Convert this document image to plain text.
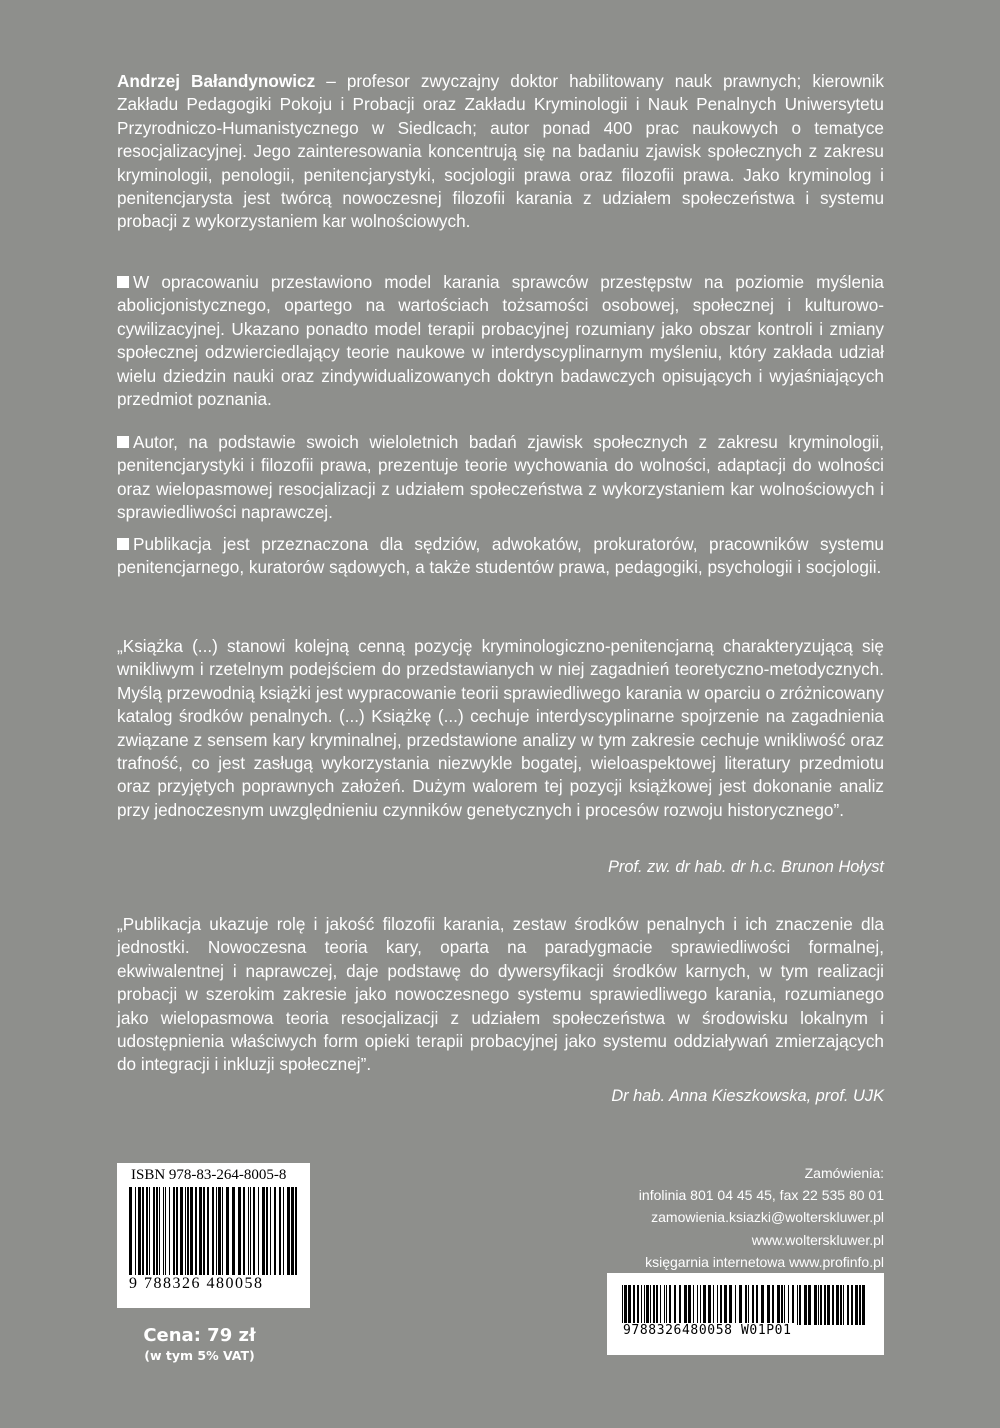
Andrzej Bałandynowicz – profesor zwyczajny doktor habilitowany nauk prawnych; kierownik Zakładu Pedagogiki Pokoju i Probacji oraz Zakładu Kryminologii i Nauk Penalnych Uniwersytetu Przyrodniczo-Humanistycznego w Siedlcach; autor ponad 400 prac naukowych o tematyce resocjalizacyjnej. Jego zainteresowania koncentrują się na badaniu zjawisk społecznych z zakresu kryminologii, penologii, penitencjarystyki, socjologii prawa oraz filozofii prawa. Jako kryminolog i penitencjarysta jest twórcą nowoczesnej filozofii karania z udziałem społeczeństwa i systemu probacji z wykorzystaniem kar wolnościowych.
W opracowaniu przestawiono model karania sprawców przestępstw na poziomie myślenia abolicjonistycznego, opartego na wartościach tożsamości osobowej, społecznej i kulturowo-cywilizacyjnej. Ukazano ponadto model terapii probacyjnej rozumiany jako obszar kontroli i zmiany społecznej odzwierciedlający teorie naukowe w interdyscyplinarnym myśleniu, który zakłada udział wielu dziedzin nauki oraz zindywidualizowanych doktryn badawczych opisujących i wyjaśniających przedmiot poznania.
Autor, na podstawie swoich wieloletnich badań zjawisk społecznych z zakresu kryminologii, penitencjarystyki i filozofii prawa, prezentuje teorie wychowania do wolności, adaptacji do wolności oraz wielopasmowej resocjalizacji z udziałem społeczeństwa z wykorzystaniem kar wolnościowych i sprawiedliwości naprawczej.
Publikacja jest przeznaczona dla sędziów, adwokatów, prokuratorów, pracowników systemu penitencjarnego, kuratorów sądowych, a także studentów prawa, pedagogiki, psychologii i socjologii.
„Książka (...) stanowi kolejną cenną pozycję kryminologiczno-penitencjarną charakteryzującą się wnikliwym i rzetelnym podejściem do przedstawianych w niej zagadnień teoretyczno-metodycznych. Myślą przewodnią książki jest wypracowanie teorii sprawiedliwego karania w oparciu o zróżnicowany katalog środków penalnych. (...) Książkę (...) cechuje interdyscyplinarne spojrzenie na zagadnienia związane z sensem kary kryminalnej, przedstawione analizy w tym zakresie cechuje wnikliwość oraz trafność, co jest zasługą wykorzystania niezwykle bogatej, wieloaspektowej literatury przedmiotu oraz przyjętych poprawnych założeń. Dużym walorem tej pozycji książkowej jest dokonanie analiz przy jednoczesnym uwzględnieniu czynników genetycznych i procesów rozwoju historycznego”.
Prof. zw. dr hab. dr h.c. Brunon Hołyst
„Publikacja ukazuje rolę i jakość filozofii karania, zestaw środków penalnych i ich znaczenie dla jednostki. Nowoczesna teoria kary, oparta na paradygmacie sprawiedliwości formalnej, ekwiwalentnej i naprawczej, daje podstawę do dywersyfikacji środków karnych, w tym realizacji probacji w szerokim zakresie jako nowoczesnego systemu sprawiedliwego karania, rozumianego jako wielopasmowa teoria resocjalizacji z udziałem społeczeństwa w środowisku lokalnym i udostępnienia właściwych form opieki terapii probacyjnej jako systemu oddziaływań zmierzających do integracji i inkluzji społecznej”.
Dr hab. Anna Kieszkowska, prof. UJK
ISBN 978-83-264-8005-8
9 788326 480058
Cena: 79 zł
(w tym 5% VAT)
Zamówienia:
infolinia 801 04 45 45, fax 22 535 80 01
zamowienia.ksiazki@wolterskluwer.pl
www.wolterskluwer.pl
księgarnia internetowa www.profinfo.pl
9788326480058 W01P01
